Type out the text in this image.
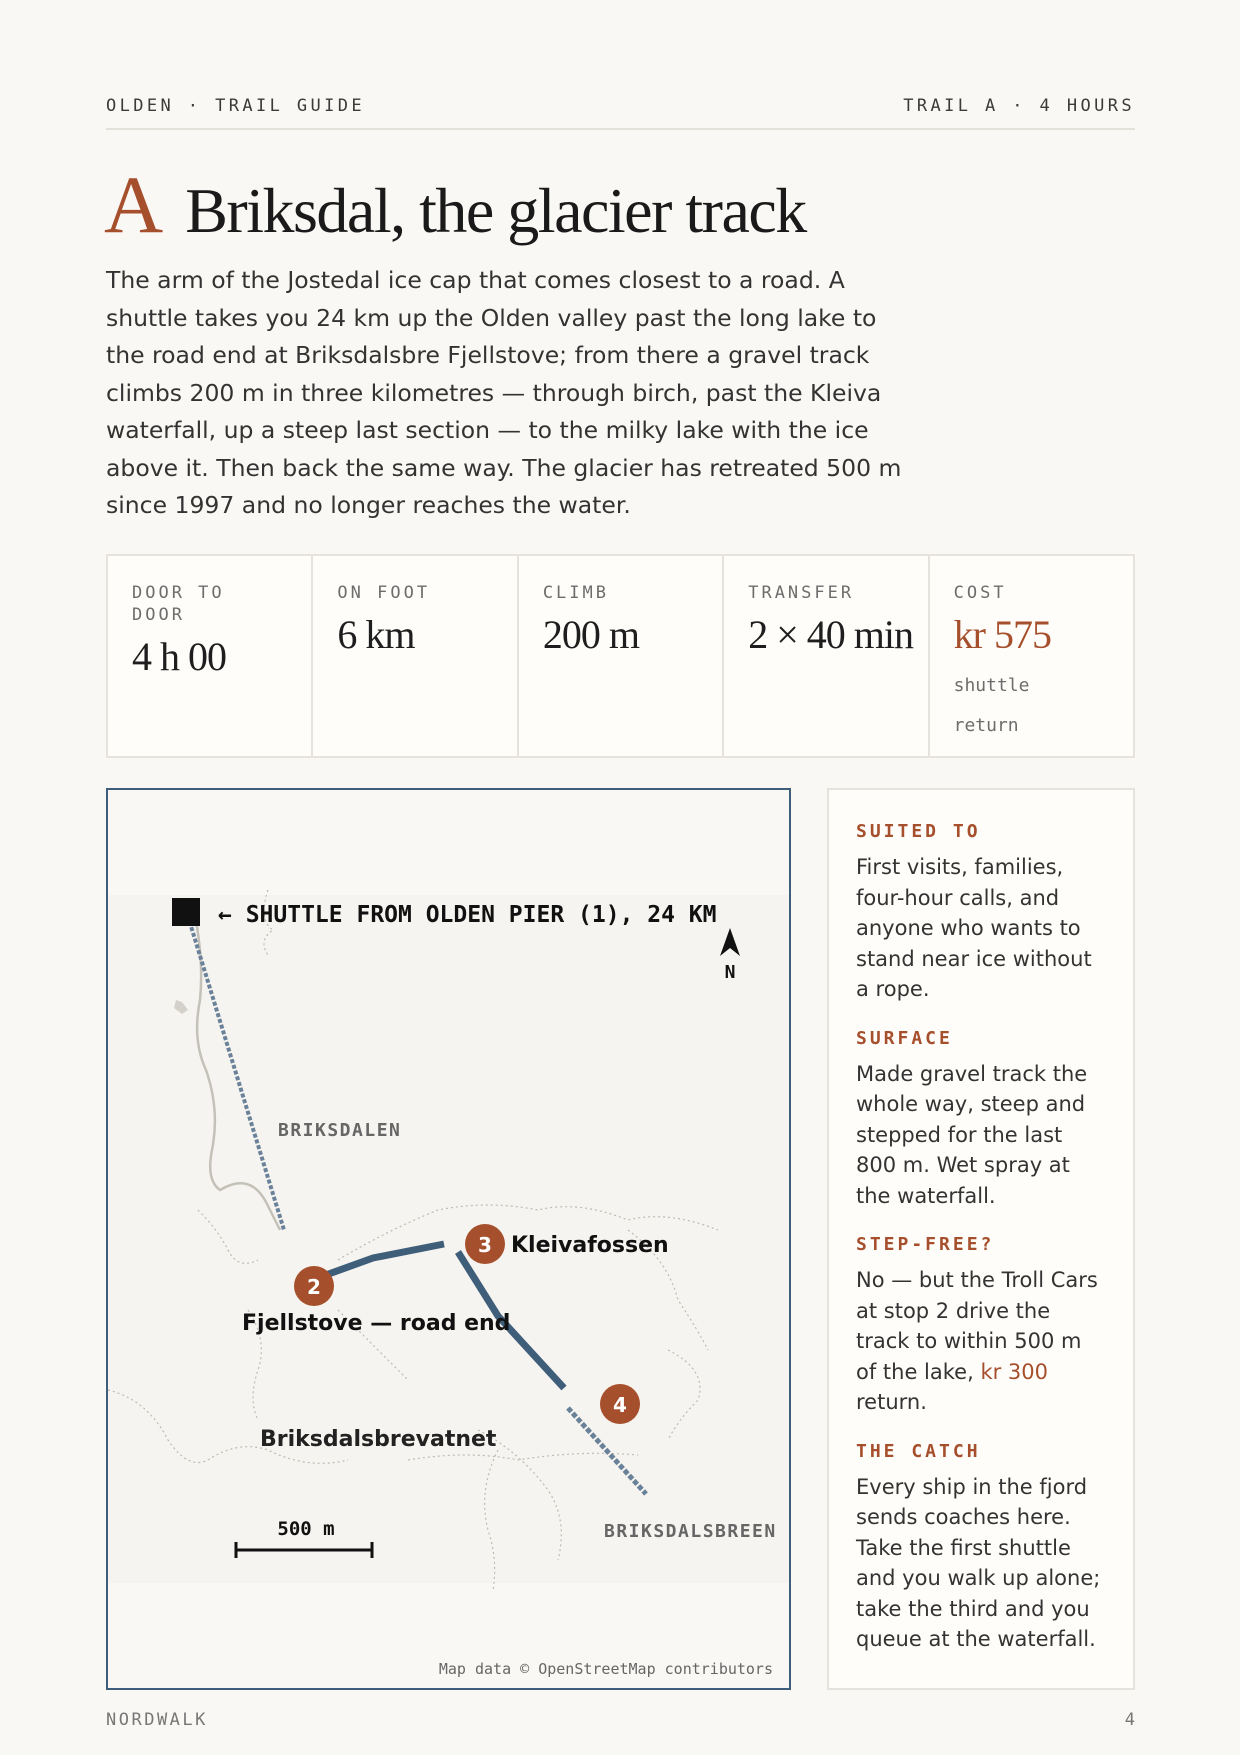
OLDEN · TRAIL GUIDE	TRAIL A · 4 HOURS
A Briksdal, the glacier track

The arm of the Jostedal ice cap that comes closest to a road. A shuttle takes you 24 km up the Olden valley past the long lake to the road end at Briksdalsbre Fjellstove; from there a gravel track climbs 200 m in three kilometres — through birch, past the Kleiva waterfall, up a steep last section — to the milky lake with the ice above it. Then back the same way. The glacier has retreated 500 m since 1997 and no longer reaches the water.

DOOR TO DOOR
4 h 00
ON FOOT
6 km
CLIMB
200 m
TRANSFER
2 × 40 min
COST
kr 575
shuttle return
← SHUTTLE FROM OLDEN PIER (1), 24 KM
N
BRIKSDALEN
2
Fjellstove — road end
3 Kleivafossen
4
Briksdalsbrevatnet
BRIKSDALSBREEN
500 m
Map data © OpenStreetMap contributors
SUITED TO
First visits, families, four-hour calls, and anyone who wants to stand near ice without a rope.
SURFACE
Made gravel track the whole way, steep and stepped for the last 800 m. Wet spray at the waterfall.
STEP-FREE?
No — but the Troll Cars at stop 2 drive the track to within 500 m of the lake, kr 300 return.
THE CATCH
Every ship in the fjord sends coaches here. Take the first shuttle and you walk up alone; take the third and you queue at the waterfall.
NORDWALK	4
